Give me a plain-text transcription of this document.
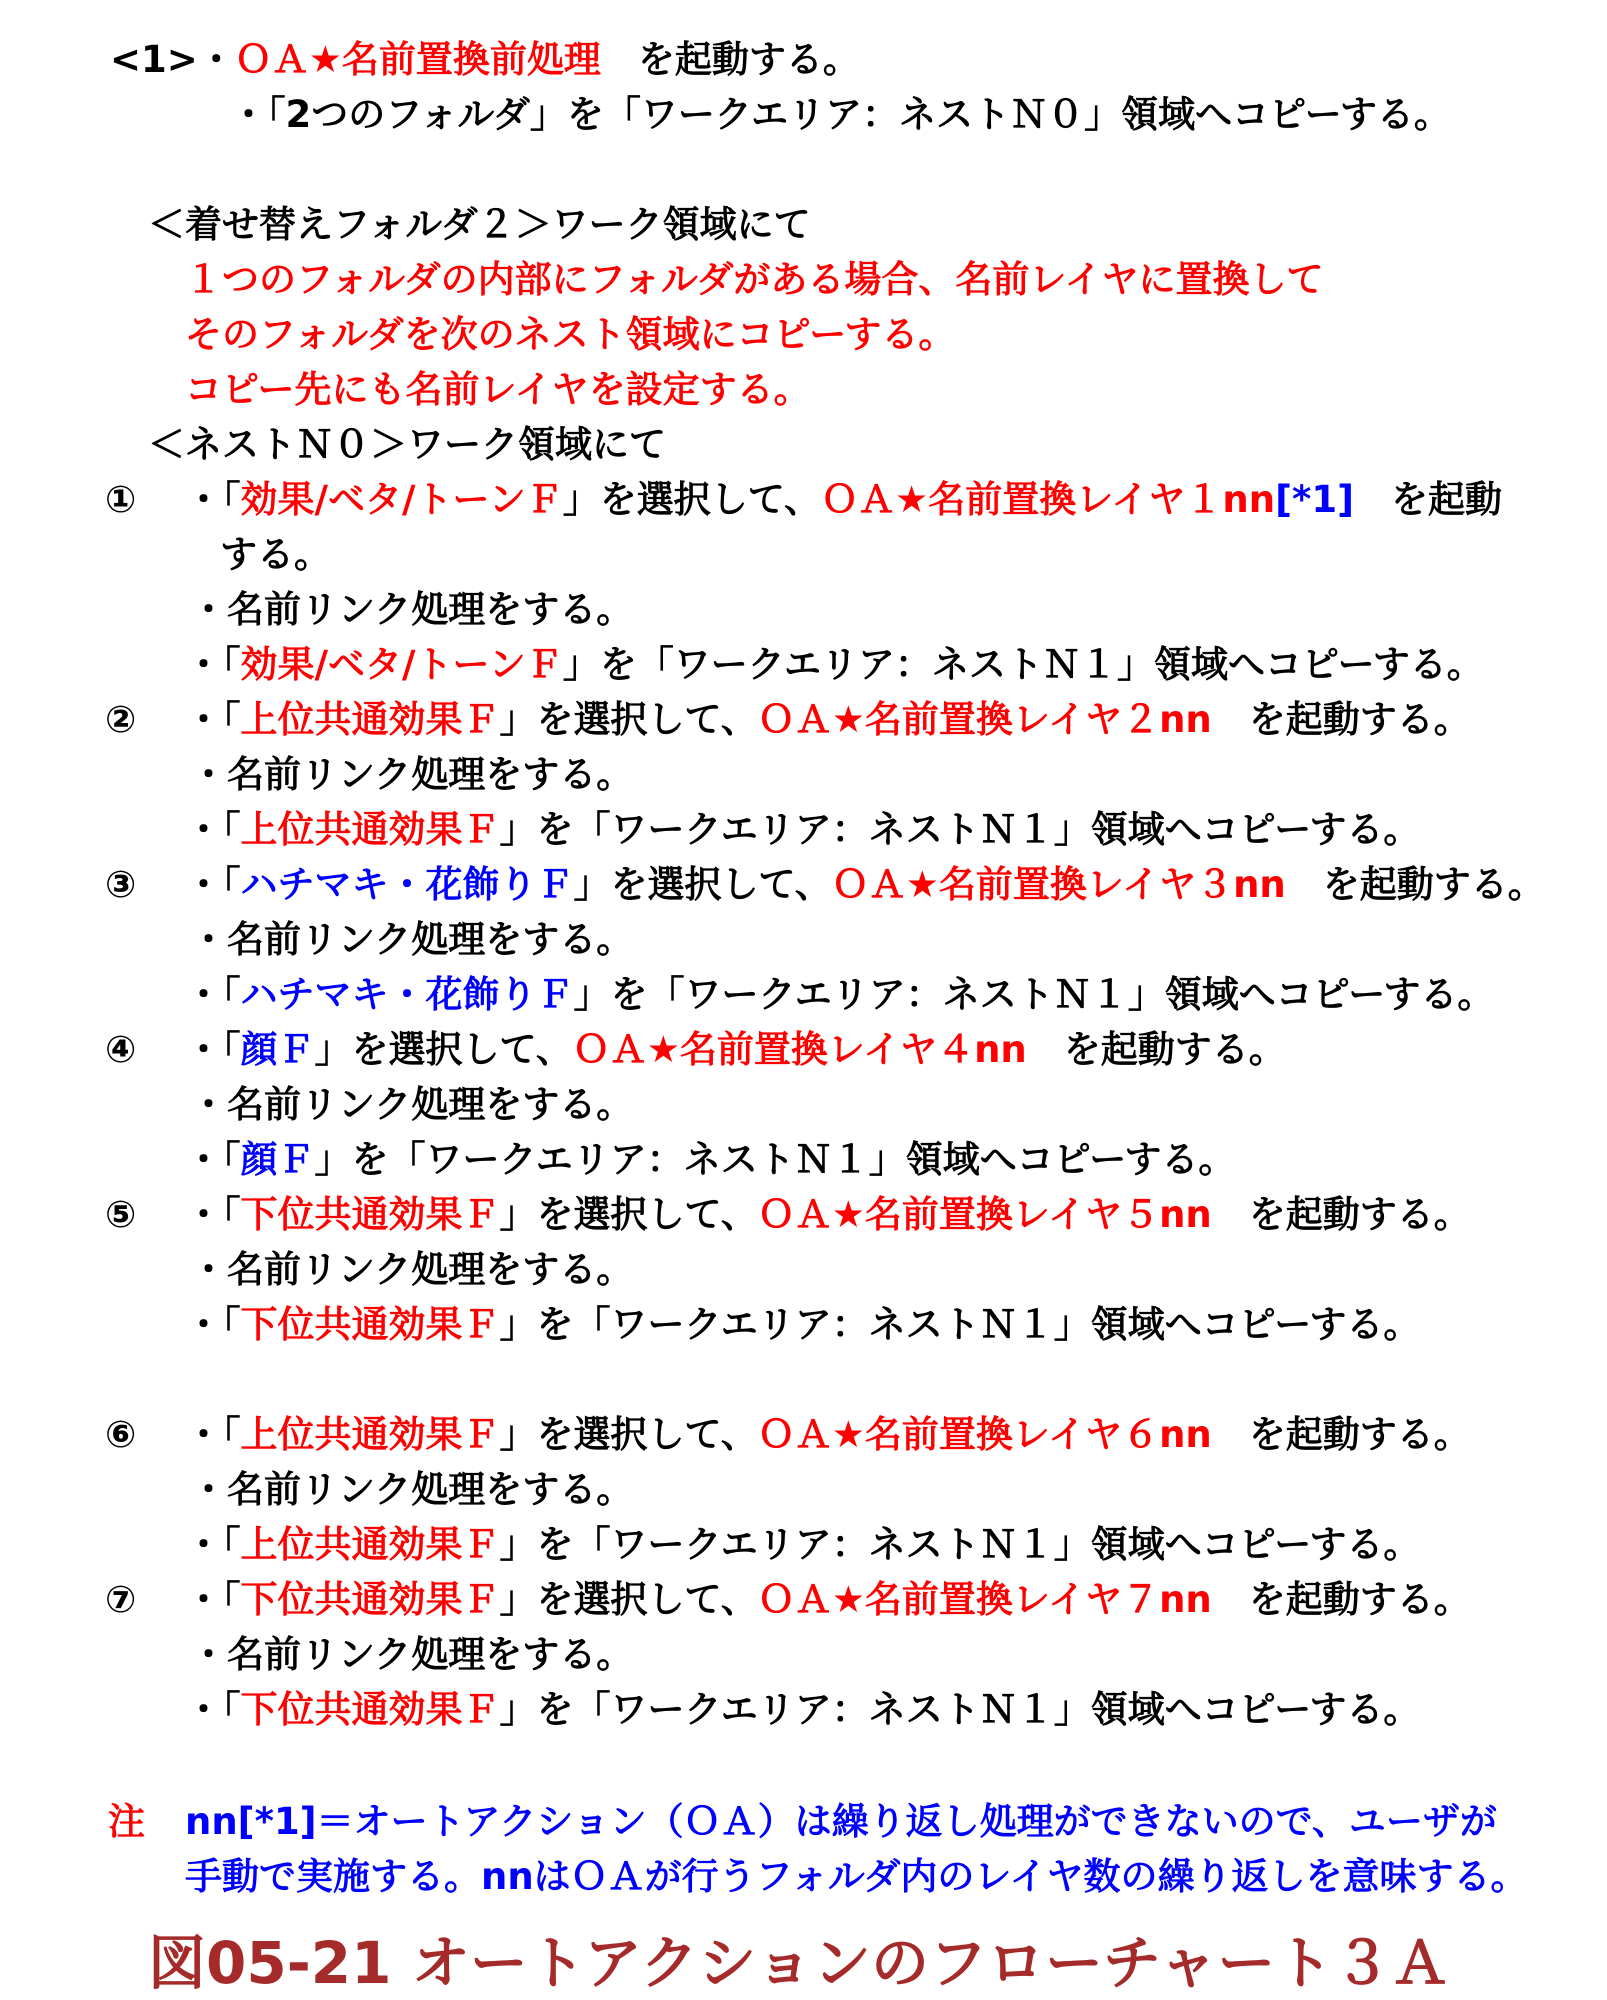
<1>・ＯＡ★名前置換前処理　を起動する。
・「2つのフォルダ」を「ワークエリア：ネストＮ０」領域へコピーする。
＜着せ替えフォルダ２＞ワーク領域にて
１つのフォルダの内部にフォルダがある場合、名前レイヤに置換して
そのフォルダを次のネスト領域にコピーする。
コピー先にも名前レイヤを設定する。
＜ネストＮ０＞ワーク領域にて
・「効果/ベタ/トーンＦ」を選択して、ＯＡ★名前置換レイヤ１nn[*1]　を起動
する。
・名前リンク処理をする。
・「効果/ベタ/トーンＦ」を「ワークエリア：ネストＮ１」領域へコピーする。
・「上位共通効果Ｆ」を選択して、ＯＡ★名前置換レイヤ２nn　を起動する。
・名前リンク処理をする。
・「上位共通効果Ｆ」を「ワークエリア：ネストＮ１」領域へコピーする。
・「ハチマキ・花飾りＦ」を選択して、ＯＡ★名前置換レイヤ３nn　を起動する。
・名前リンク処理をする。
・「ハチマキ・花飾りＦ」を「ワークエリア：ネストＮ１」領域へコピーする。
・「顔Ｆ」を選択して、ＯＡ★名前置換レイヤ４nn　を起動する。
・名前リンク処理をする。
・「顔Ｆ」を「ワークエリア：ネストＮ１」領域へコピーする。
・「下位共通効果Ｆ」を選択して、ＯＡ★名前置換レイヤ５nn　を起動する。
・名前リンク処理をする。
・「下位共通効果Ｆ」を「ワークエリア：ネストＮ１」領域へコピーする。
・「上位共通効果Ｆ」を選択して、ＯＡ★名前置換レイヤ６nn　を起動する。
・名前リンク処理をする。
・「上位共通効果Ｆ」を「ワークエリア：ネストＮ１」領域へコピーする。
・「下位共通効果Ｆ」を選択して、ＯＡ★名前置換レイヤ７nn　を起動する。
・名前リンク処理をする。
・「下位共通効果Ｆ」を「ワークエリア：ネストＮ１」領域へコピーする。
nn[*1]＝オートアクション（ＯＡ）は繰り返し処理ができないので、ユーザが
手動で実施する。nnはＯＡが行うフォルダ内のレイヤ数の繰り返しを意味する。
①
②
③
④
⑤
⑥
⑦
注
図05-21 オートアクションのフローチャート３Ａ
